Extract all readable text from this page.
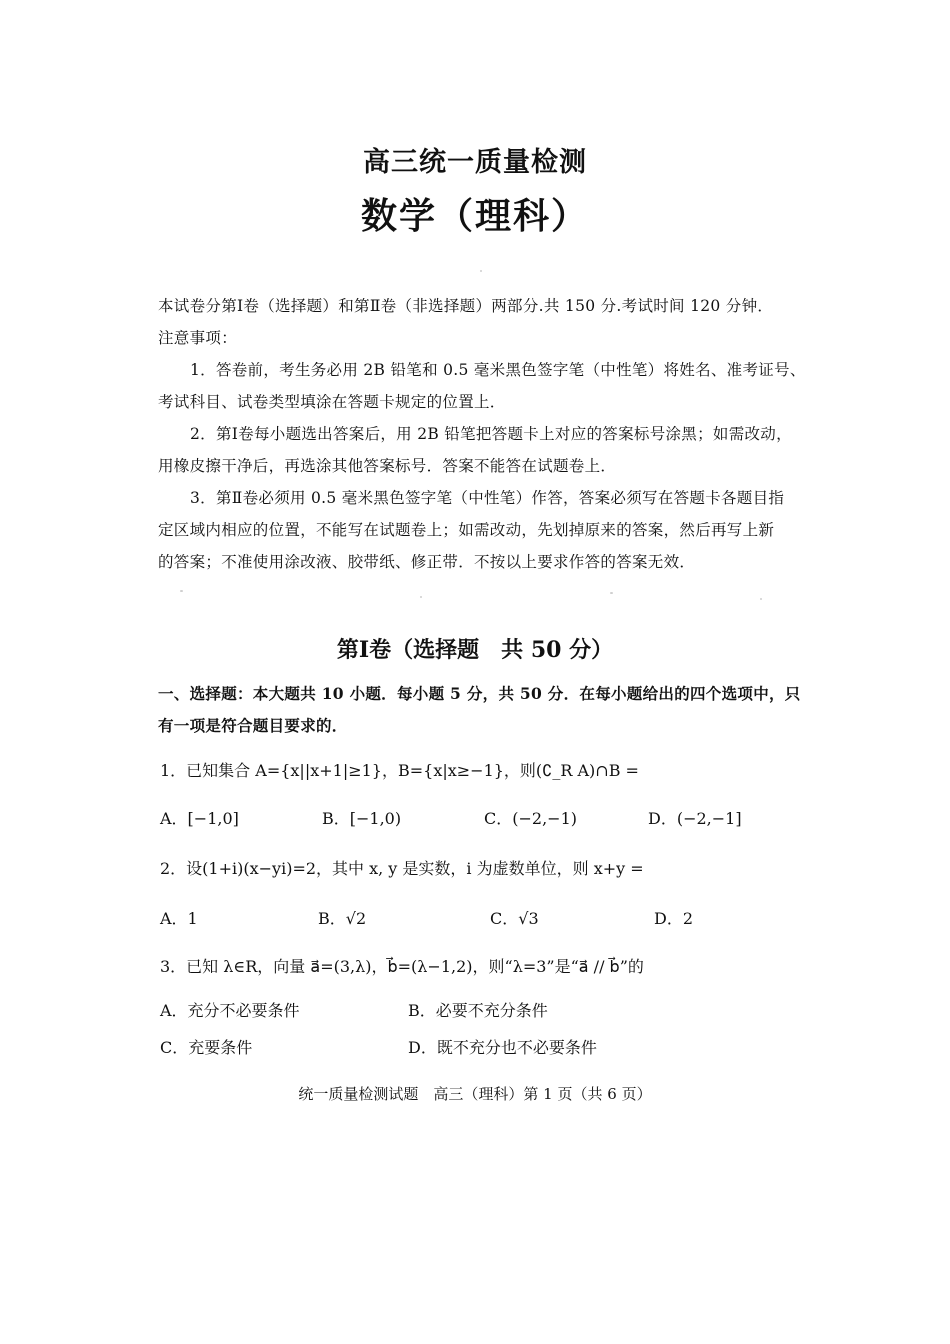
高三统一质量检测
数学（理科）
本试卷分第Ⅰ卷（选择题）和第Ⅱ卷（非选择题）两部分.共 150 分.考试时间 120 分钟．
注意事项：
1．答卷前，考生务必用 2B 铅笔和 0.5 毫米黑色签字笔（中性笔）将姓名、准考证号、
考试科目、试卷类型填涂在答题卡规定的位置上．
2．第Ⅰ卷每小题选出答案后，用 2B 铅笔把答题卡上对应的答案标号涂黑；如需改动，
用橡皮擦干净后，再选涂其他答案标号．答案不能答在试题卷上．
3．第Ⅱ卷必须用 0.5 毫米黑色签字笔（中性笔）作答，答案必须写在答题卡各题目指
定区域内相应的位置，不能写在试题卷上；如需改动，先划掉原来的答案，然后再写上新
的答案；不准使用涂改液、胶带纸、修正带．不按以上要求作答的答案无效．
第Ⅰ卷（选择题　共 50 分）
一、选择题：本大题共 10 小题．每小题 5 分，共 50 分．在每小题给出的四个选项中，只
有一项是符合题目要求的．
1．已知集合 A={x||x+1|≥1}，B={x|x≥−1}，则(∁_R A)∩B =
A．[−1,0]	B．[−1,0)	C．(−2,−1)	D．(−2,−1]
2．设(1+i)(x−yi)=2，其中 x, y 是实数，i 为虚数单位，则 x+y =
A．1	B．√2	C．√3	D．2
3．已知 λ∈R，向量 a⃗=(3,λ)，b⃗=(λ−1,2)，则“λ=3”是“a⃗ // b⃗”的
A．充分不必要条件	B．必要不充分条件
C．充要条件	D．既不充分也不必要条件
统一质量检测试题　高三（理科）第 1 页（共 6 页）
